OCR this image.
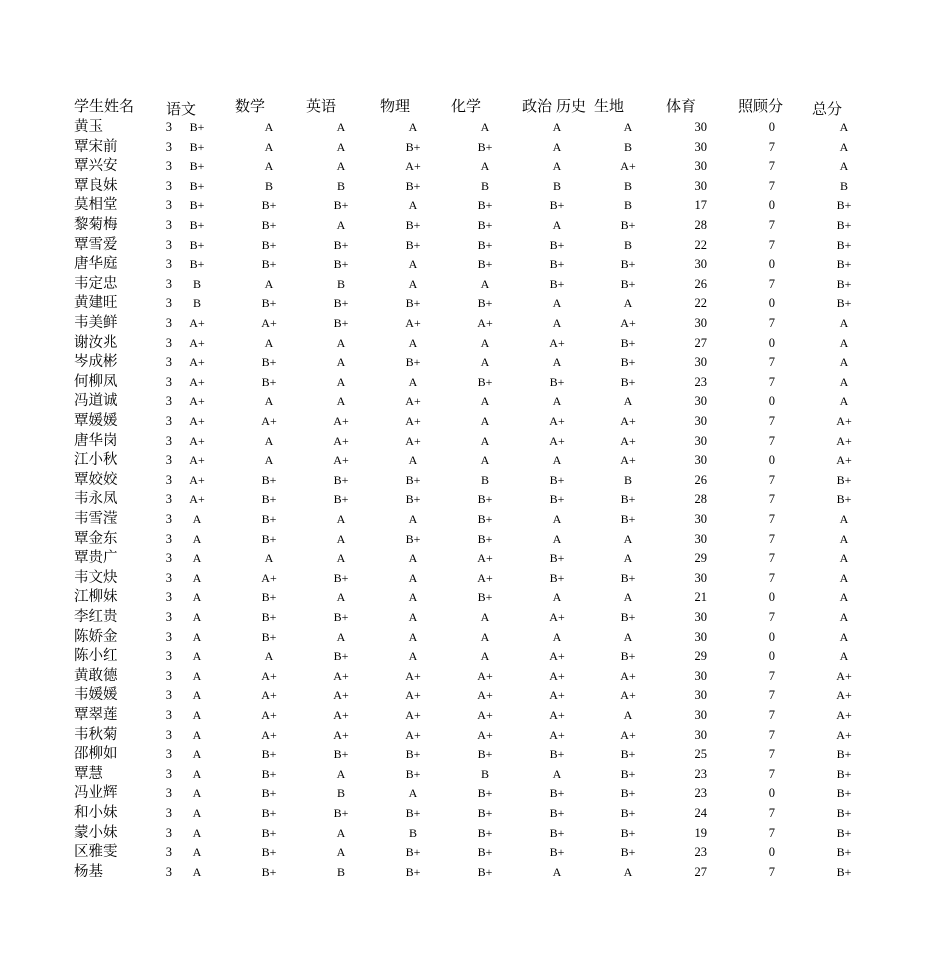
学生姓名 语文	数学	英语	物理	化学	政治 历史 生地	体育	照顾分 总分
黄玉	3	B+	A	A	A	A	A	A	30	0	A
覃宋前	3	B+	A	A	B+	B+	A	B	30	7	A
覃兴安	3	B+	A	A	A+	A	A	A+	30	7	A
覃良妹	3	B+	B	B	B+	B	B	B	30	7	B
莫相堂	3	B+	B+	B+	A	B+	B+	B	17	0	B+
黎菊梅	3	B+	B+	A	B+	B+	A	B+	28	7	B+
覃雪爱	3	B+	B+	B+	B+	B+	B+	B	22	7	B+
唐华庭	3	B+	B+	B+	A	B+	B+	B+	30	0	B+
韦定忠	3	B	A	B	A	A	B+	B+	26	7	B+
黄建旺	3	B	B+	B+	B+	B+	A	A	22	0	B+
韦美鲜	3	A+	A+	B+	A+	A+	A	A+	30	7	A
谢汝兆	3	A+	A	A	A	A	A+	B+	27	0	A
岑成彬	3	A+	B+	A	B+	A	A	B+	30	7	A
何柳凤	3	A+	B+	A	A	B+	B+	B+	23	7	A
冯道诚	3	A+	A	A	A+	A	A	A	30	0	A
覃媛媛	3	A+	A+	A+	A+	A	A+	A+	30	7	A+
唐华岗	3	A+	A	A+	A+	A	A+	A+	30	7	A+
江小秋	3	A+	A	A+	A	A	A	A+	30	0	A+
覃姣姣	3	A+	B+	B+	B+	B	B+	B	26	7	B+
韦永凤	3	A+	B+	B+	B+	B+	B+	B+	28	7	B+
韦雪滢	3	A	B+	A	A	B+	A	B+	30	7	A
覃金东	3	A	B+	A	B+	B+	A	A	30	7	A
覃贵广	3	A	A	A	A	A+	B+	A	29	7	A
韦文炔	3	A	A+	B+	A	A+	B+	B+	30	7	A
江柳妹	3	A	B+	A	A	B+	A	A	21	0	A
李红贵	3	A	B+	B+	A	A	A+	B+	30	7	A
陈娇金	3	A	B+	A	A	A	A	A	30	0	A
陈小红	3	A	A	B+	A	A	A+	B+	29	0	A
黄敢德	3	A	A+	A+	A+	A+	A+	A+	30	7	A+
韦媛媛	3	A	A+	A+	A+	A+	A+	A+	30	7	A+
覃翠莲	3	A	A+	A+	A+	A+	A+	A	30	7	A+
韦秋菊	3	A	A+	A+	A+	A+	A+	A+	30	7	A+
邵柳如	3	A	B+	B+	B+	B+	B+	B+	25	7	B+
覃慧	3	A	B+	A	B+	B	A	B+	23	7	B+
冯业辉	3	A	B+	B	A	B+	B+	B+	23	0	B+
和小妹	3	A	B+	B+	B+	B+	B+	B+	24	7	B+
蒙小妹	3	A	B+	A	B	B+	B+	B+	19	7	B+
区雅雯	3	A	B+	A	B+	B+	B+	B+	23	0	B+
杨基	3	A	B+	B	B+	B+	A	A	27	7	B+
